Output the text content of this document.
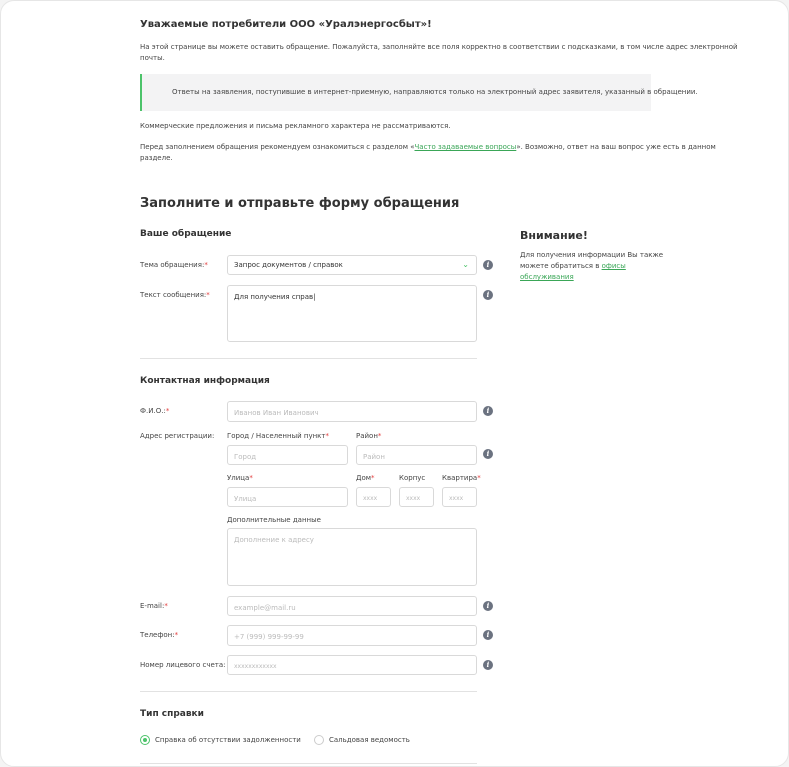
Уважаемые потребители ООО «Уралэнергосбыт»!
На этой странице вы можете оставить обращение. Пожалуйста, заполняйте все поля корректно в соответствии с подсказками, в том числе адрес электронной
почты.
Ответы на заявления, поступившие в интернет-приемную, направляются только на электронный адрес заявителя, указанный в обращении.
Коммерческие предложения и письма рекламного характера не рассматриваются.
Перед заполнением обращения рекомендуем ознакомиться с разделом «Часто задаваемые вопросы». Возможно, ответ на ваш вопрос уже есть в данном
разделе.
Заполните и отправьте форму обращения
Ваше обращение
Тема обращения:*	Запрос документов / справок	⌄	i
Текст сообщения:*	Для получения справ|	i
Внимание!
Для получения информации Вы также
можете обратиться в офисы
обслуживания
Контактная информация
Ф.И.О.:*	Иванов Иван Иванович	i
Адрес регистрации: Город / Населенный пункт*	Район*
Город	Район	i
Улица*	Дом*	Корпус Квартира*
Улица	хххх	хххх	хххх
Дополнительные данные
Дополнение к адресу
E-mail:*	example@mail.ru	i
Телефон:*	+7 (999) 999-99-99	i
Номер лицевого счета:	хххххххххххх	i
Тип справки
Справка об отсутствии задолженности	Сальдовая ведомость
